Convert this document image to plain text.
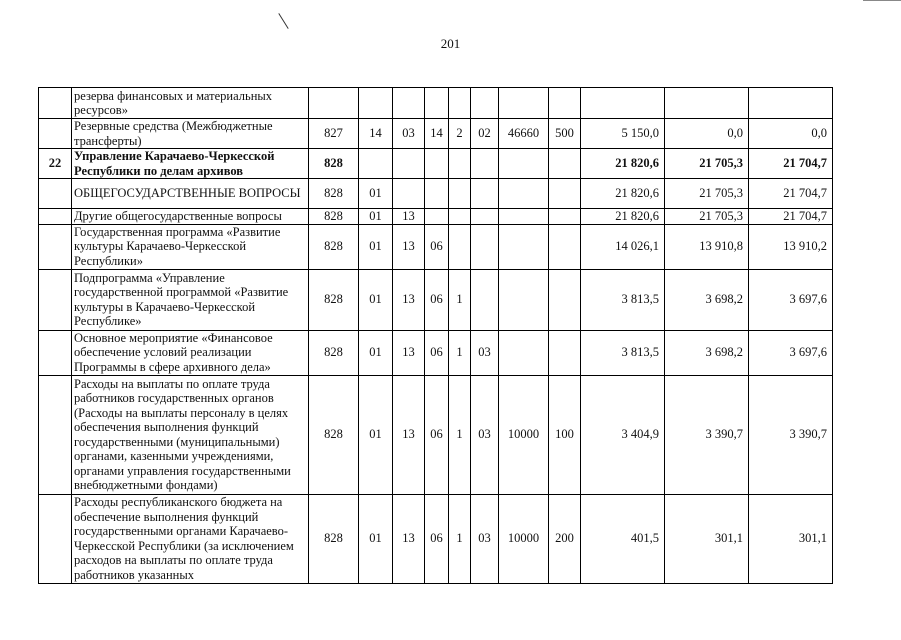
201
	резерва финансовых и материальных ресурсов»											
	Резервные средства (Межбюджетные трансферты)	827	14	03	14	2	02	46660	500	5 150,0	0,0	0,0
22	Управление Карачаево-Черкесской Республики по делам архивов	828								21 820,6	21 705,3	21 704,7
	ОБЩЕГОСУДАРСТВЕННЫЕ ВОПРОСЫ	828	01							21 820,6	21 705,3	21 704,7
	Другие общегосударственные вопросы	828	01	13						21 820,6	21 705,3	21 704,7
	Государственная программа «Развитие культуры Карачаево-Черкесской Республики»	828	01	13	06					14 026,1	13 910,8	13 910,2
	Подпрограмма «Управление государственной программой «Развитие культуры в Карачаево-Черкесской Республике»	828	01	13	06	1				3 813,5	3 698,2	3 697,6
	Основное мероприятие «Финансовое обеспечение условий реализации Программы в сфере архивного дела»	828	01	13	06	1	03			3 813,5	3 698,2	3 697,6
	Расходы на выплаты по оплате труда работников государственных органов (Расходы на выплаты персоналу в целях обеспечения выполнения функций государственными (муниципальными) органами, казенными учреждениями, органами управления государственными внебюджетными фондами)	828	01	13	06	1	03	10000	100	3 404,9	3 390,7	3 390,7
	Расходы республиканского бюджета на обеспечение выполнения функций государственными органами Карачаево-Черкесской Республики (за исключением расходов на выплаты по оплате труда работников указанных	828	01	13	06	1	03	10000	200	401,5	301,1	301,1
